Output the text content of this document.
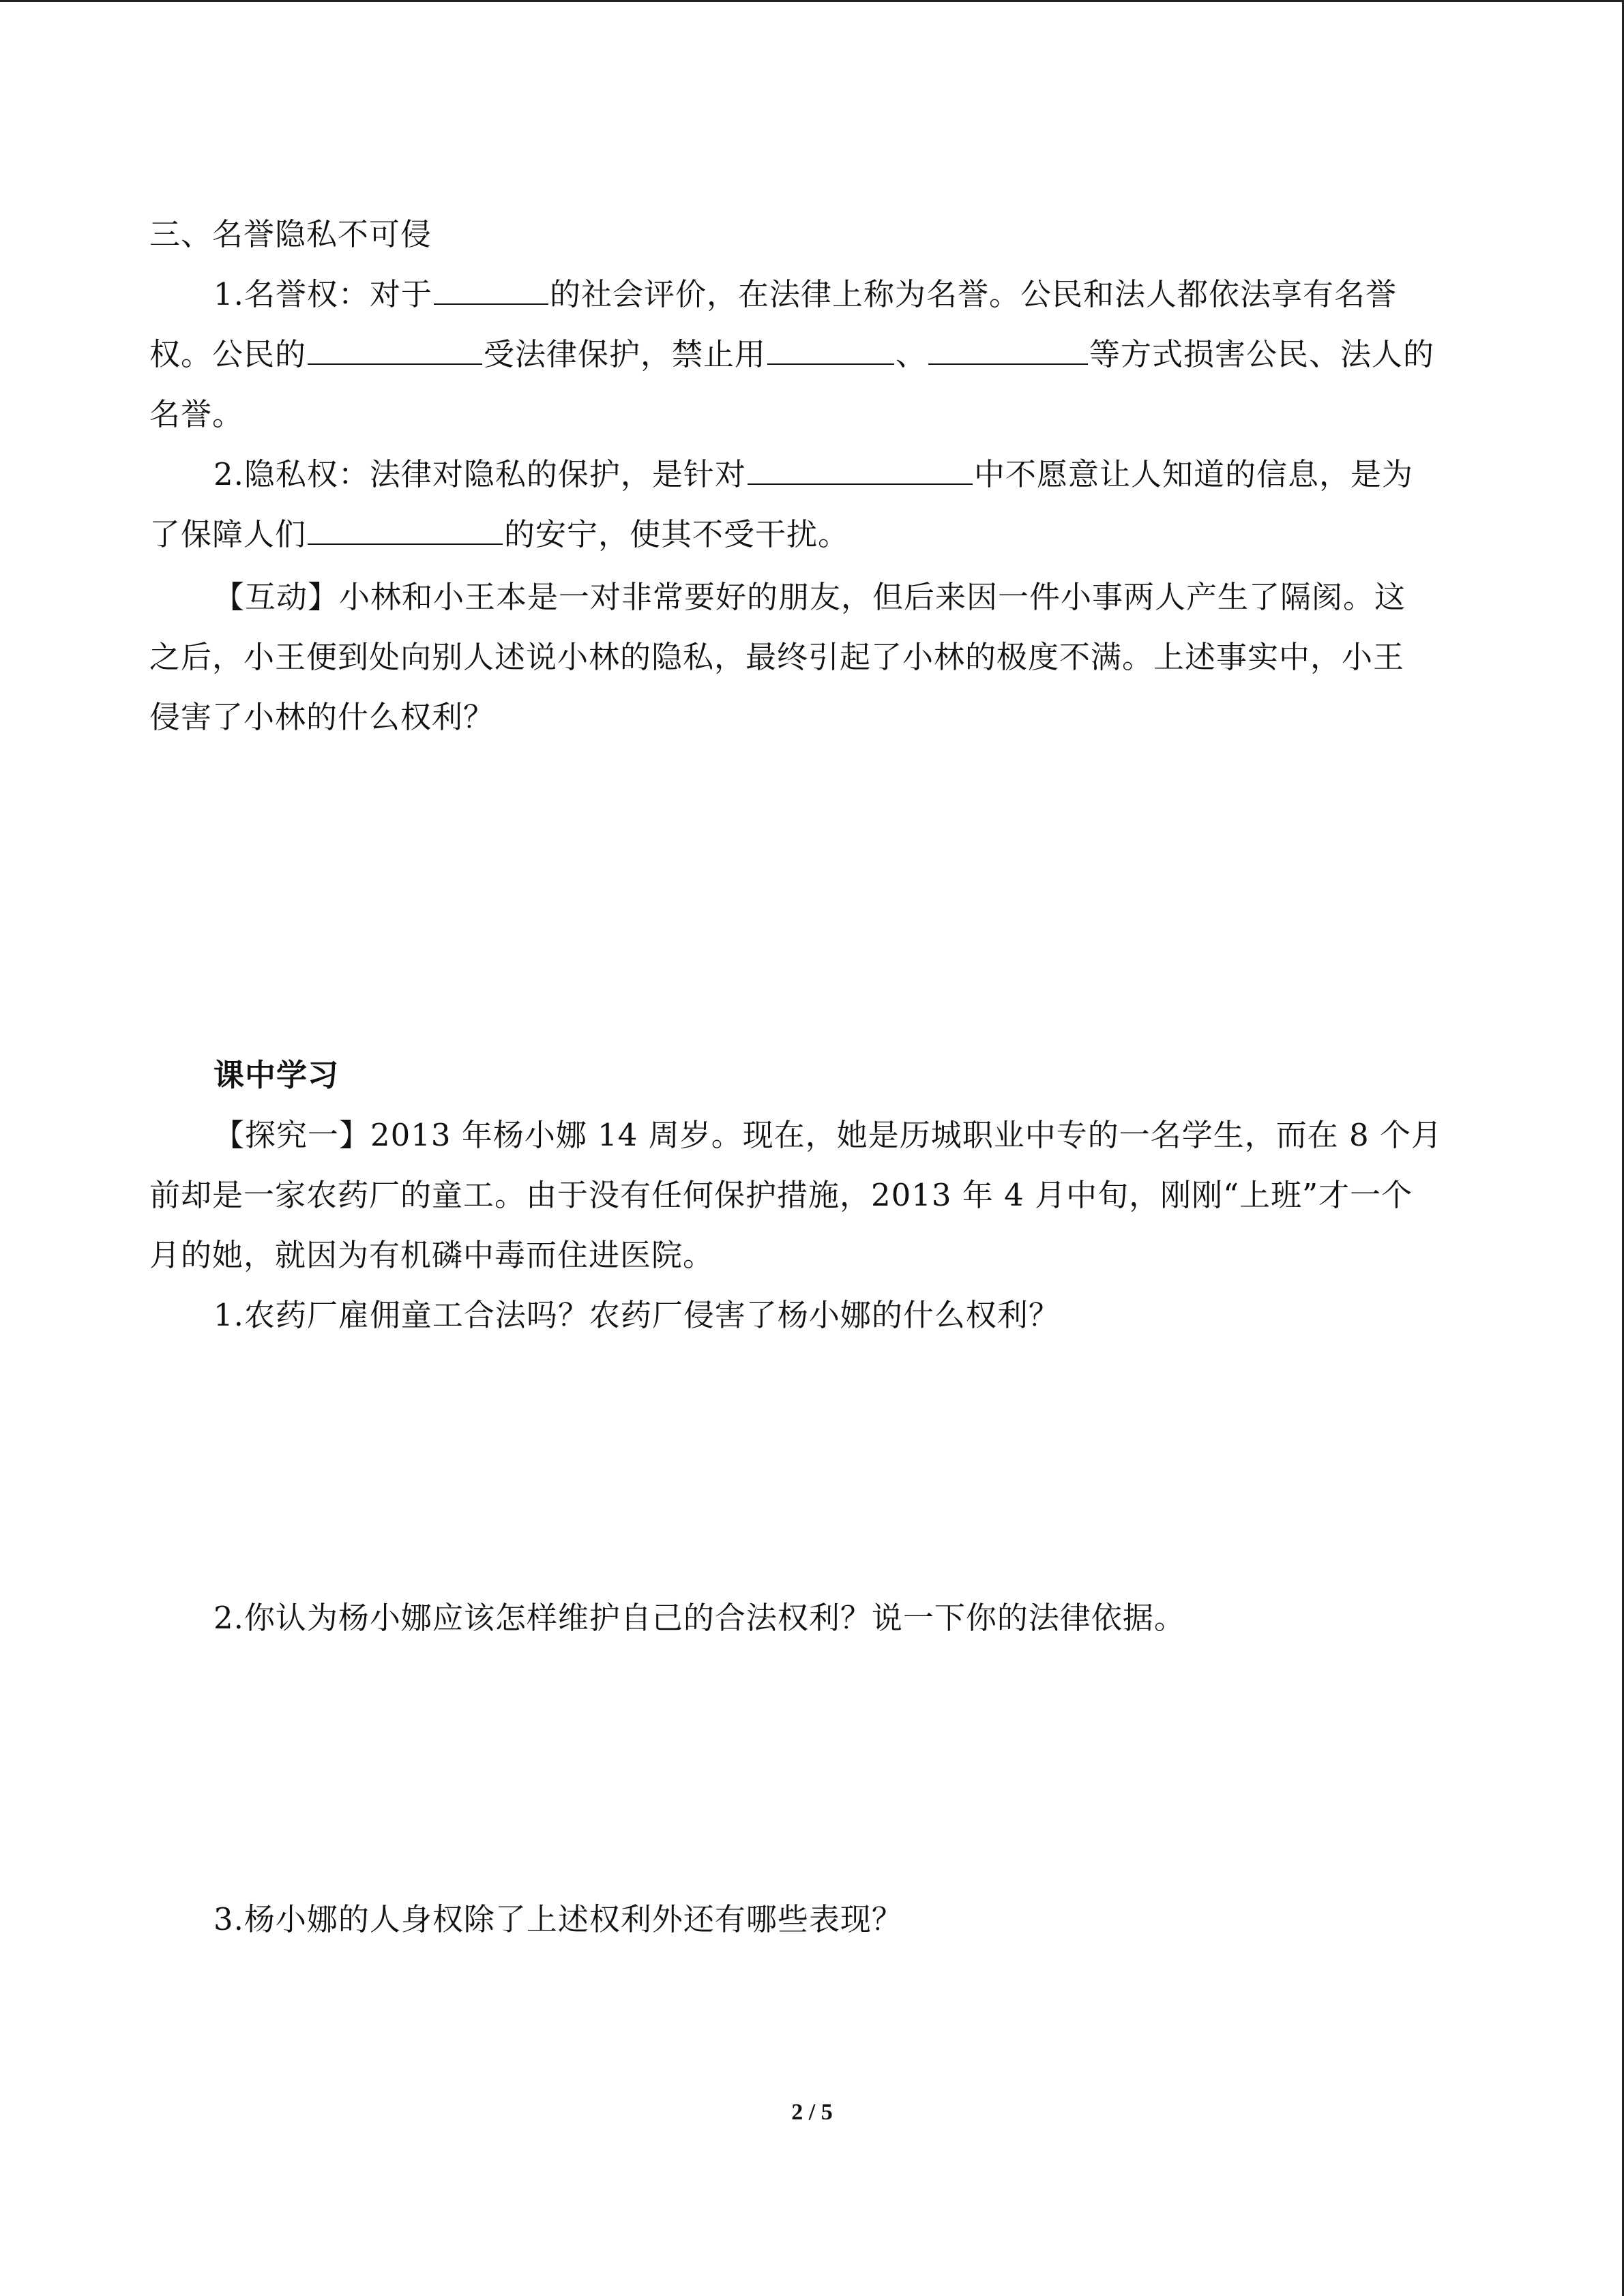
三、名誉隐私不可侵
1.名誉权：对于	的社会评价，在法律上称为名誉。公民和法人都依法享有名誉
权。公民的	受法律保护，禁止用	、	等方式损害公民、法人的
名誉。
2.隐私权：法律对隐私的保护，是针对	中不愿意让人知道的信息，是为
了保障人们	的安宁，使其不受干扰。
【互动】小林和小王本是一对非常要好的朋友，但后来因一件小事两人产生了隔阂。这
之后，小王便到处向别人述说小林的隐私，最终引起了小林的极度不满。上述事实中，小王
侵害了小林的什么权利？
课中学习
【探究一】2013 年杨小娜 14 周岁。现在，她是历城职业中专的一名学生，而在 8 个月
前却是一家农药厂的童工。由于没有任何保护措施，2013 年 4 月中旬，刚刚“上班”才一个
月的她，就因为有机磷中毒而住进医院。
1.农药厂雇佣童工合法吗？农药厂侵害了杨小娜的什么权利？
2.你认为杨小娜应该怎样维护自己的合法权利？说一下你的法律依据。
3.杨小娜的人身权除了上述权利外还有哪些表现？
2 / 5
